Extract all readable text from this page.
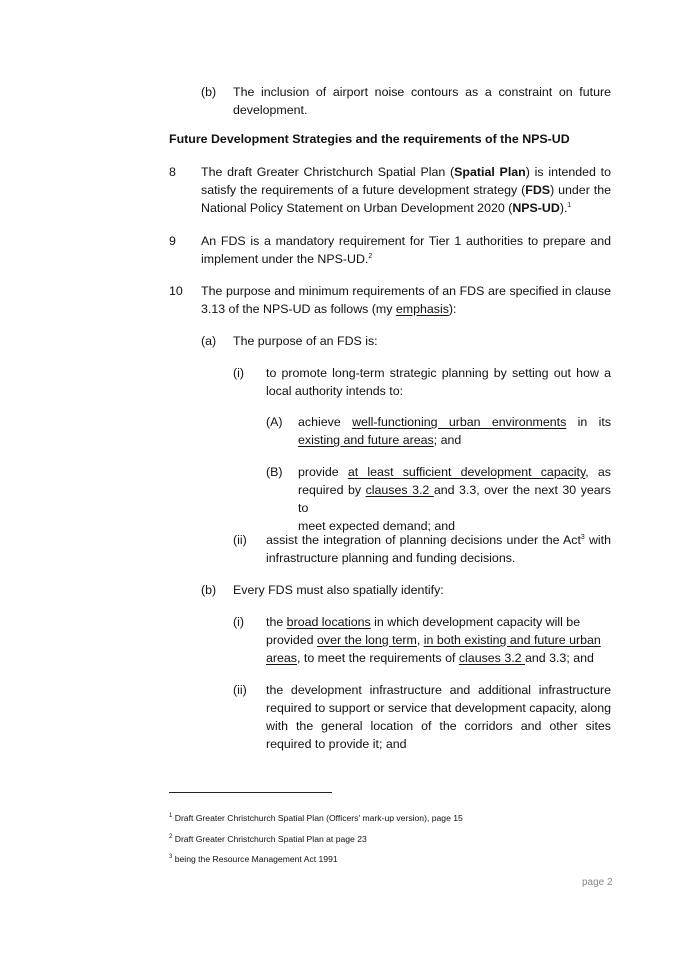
(b) The inclusion of airport noise contours as a constraint on future
development.
Future Development Strategies and the requirements of the NPS-UD
8 The draft Greater Christchurch Spatial Plan (Spatial Plan) is intended to
satisfy the requirements of a future development strategy (FDS) under the
National Policy Statement on Urban Development 2020 (NPS-UD).$^1$
9 An FDS is a mandatory requirement for Tier 1 authorities to prepare and
implement under the NPS-UD.$^2$
10 The purpose and minimum requirements of an FDS are specified in clause
3.13 of the NPS-UD as follows (my emphasis):
(a) The purpose of an FDS is:
(i) to promote long-term strategic planning by setting out how a
local authority intends to:
(A) achieve well-functioning urban environments in its
existing and future areas; and
(B) provide at least sufficient development capacity, as
required by clauses 3.2 and 3.3, over the next 30 years to
meet expected demand; and
(ii) assist the integration of planning decisions under the Act$^3$ with
infrastructure planning and funding decisions.
(b) Every FDS must also spatially identify:
(i) the broad locations in which development capacity will be
provided over the long term, in both existing and future urban
areas, to meet the requirements of clauses 3.2 and 3.3; and
(ii) the development infrastructure and additional infrastructure
required to support or service that development capacity, along
with the general location of the corridors and other sites
required to provide it; and
$^1$ Draft Greater Christchurch Spatial Plan (Officers' mark-up version), page 15
$^2$ Draft Greater Christchurch Spatial Plan at page 23
$^3$ being the Resource Management Act 1991
page 2
